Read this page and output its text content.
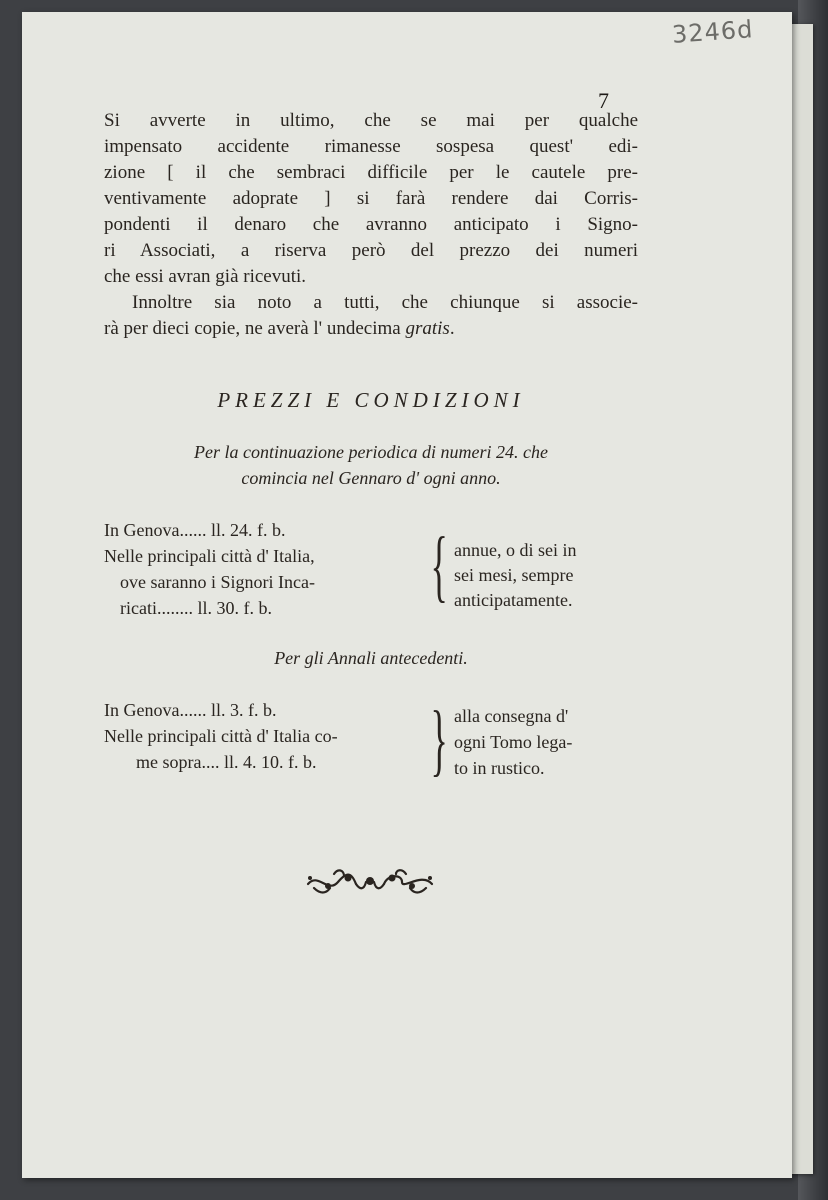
3246d
7
Si avverte in ultimo, che se mai per qualche
impensato accidente rimanesse sospesa quest' edi-
zione [ il che sembraci difficile per le cautele pre-
ventivamente adoprate ] si farà rendere dai Corris-
pondenti il denaro che avranno anticipato i Signo-
ri Associati, a riserva però del prezzo dei numeri
che essi avran già ricevuti.
Innoltre sia noto a tutti, che chiunque si associe-
rà per dieci copie, ne averà l' undecima gratis.
PREZZI E CONDIZIONI
Per la continuazione periodica di numeri 24. che
comincia nel Gennaro d' ogni anno.
In Genova...... ll. 24. f. b.
Nelle principali città d' Italia,
ove saranno i Signori Inca-
ricati........ ll. 30. f. b. { annue, o di sei in
sei mesi, sempre
anticipatamente.
Per gli Annali antecedenti.
In Genova...... ll. 3. f. b.
Nelle principali città d' Italia co-
me sopra.... ll. 4. 10. f. b. } alla consegna d'
ogni Tomo lega-
to in rustico.
